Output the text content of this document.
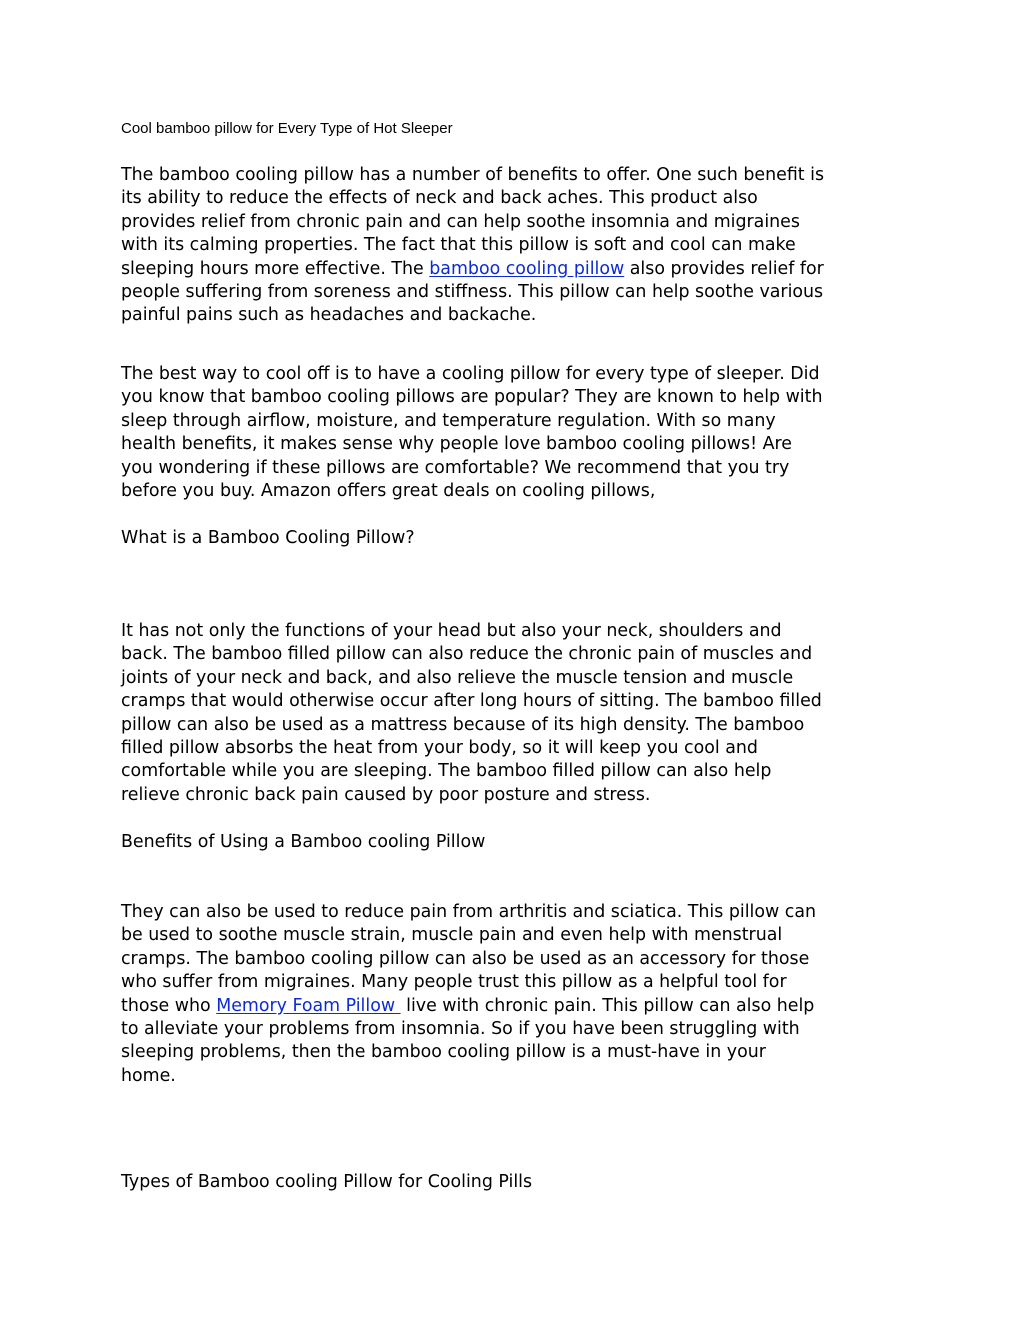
Cool bamboo pillow for Every Type of Hot Sleeper

The bamboo cooling pillow has a number of benefits to offer. One such benefit is
its ability to reduce the effects of neck and back aches. This product also
provides relief from chronic pain and can help soothe insomnia and migraines
with its calming properties. The fact that this pillow is soft and cool can make
sleeping hours more effective. The bamboo cooling pillow also provides relief for
people suffering from soreness and stiffness. This pillow can help soothe various
painful pains such as headaches and backache.

The best way to cool off is to have a cooling pillow for every type of sleeper. Did
you know that bamboo cooling pillows are popular? They are known to help with
sleep through airflow, moisture, and temperature regulation. With so many
health benefits, it makes sense why people love bamboo cooling pillows! Are
you wondering if these pillows are comfortable? We recommend that you try
before you buy. Amazon offers great deals on cooling pillows,

What is a Bamboo Cooling Pillow?

It has not only the functions of your head but also your neck, shoulders and
back. The bamboo filled pillow can also reduce the chronic pain of muscles and
joints of your neck and back, and also relieve the muscle tension and muscle
cramps that would otherwise occur after long hours of sitting. The bamboo filled
pillow can also be used as a mattress because of its high density. The bamboo
filled pillow absorbs the heat from your body, so it will keep you cool and
comfortable while you are sleeping. The bamboo filled pillow can also help
relieve chronic back pain caused by poor posture and stress.

Benefits of Using a Bamboo cooling Pillow

They can also be used to reduce pain from arthritis and sciatica. This pillow can
be used to soothe muscle strain, muscle pain and even help with menstrual
cramps. The bamboo cooling pillow can also be used as an accessory for those
who suffer from migraines. Many people trust this pillow as a helpful tool for
those who Memory Foam Pillow  live with chronic pain. This pillow can also help
to alleviate your problems from insomnia. So if you have been struggling with
sleeping problems, then the bamboo cooling pillow is a must-have in your
home.

Types of Bamboo cooling Pillow for Cooling Pills
